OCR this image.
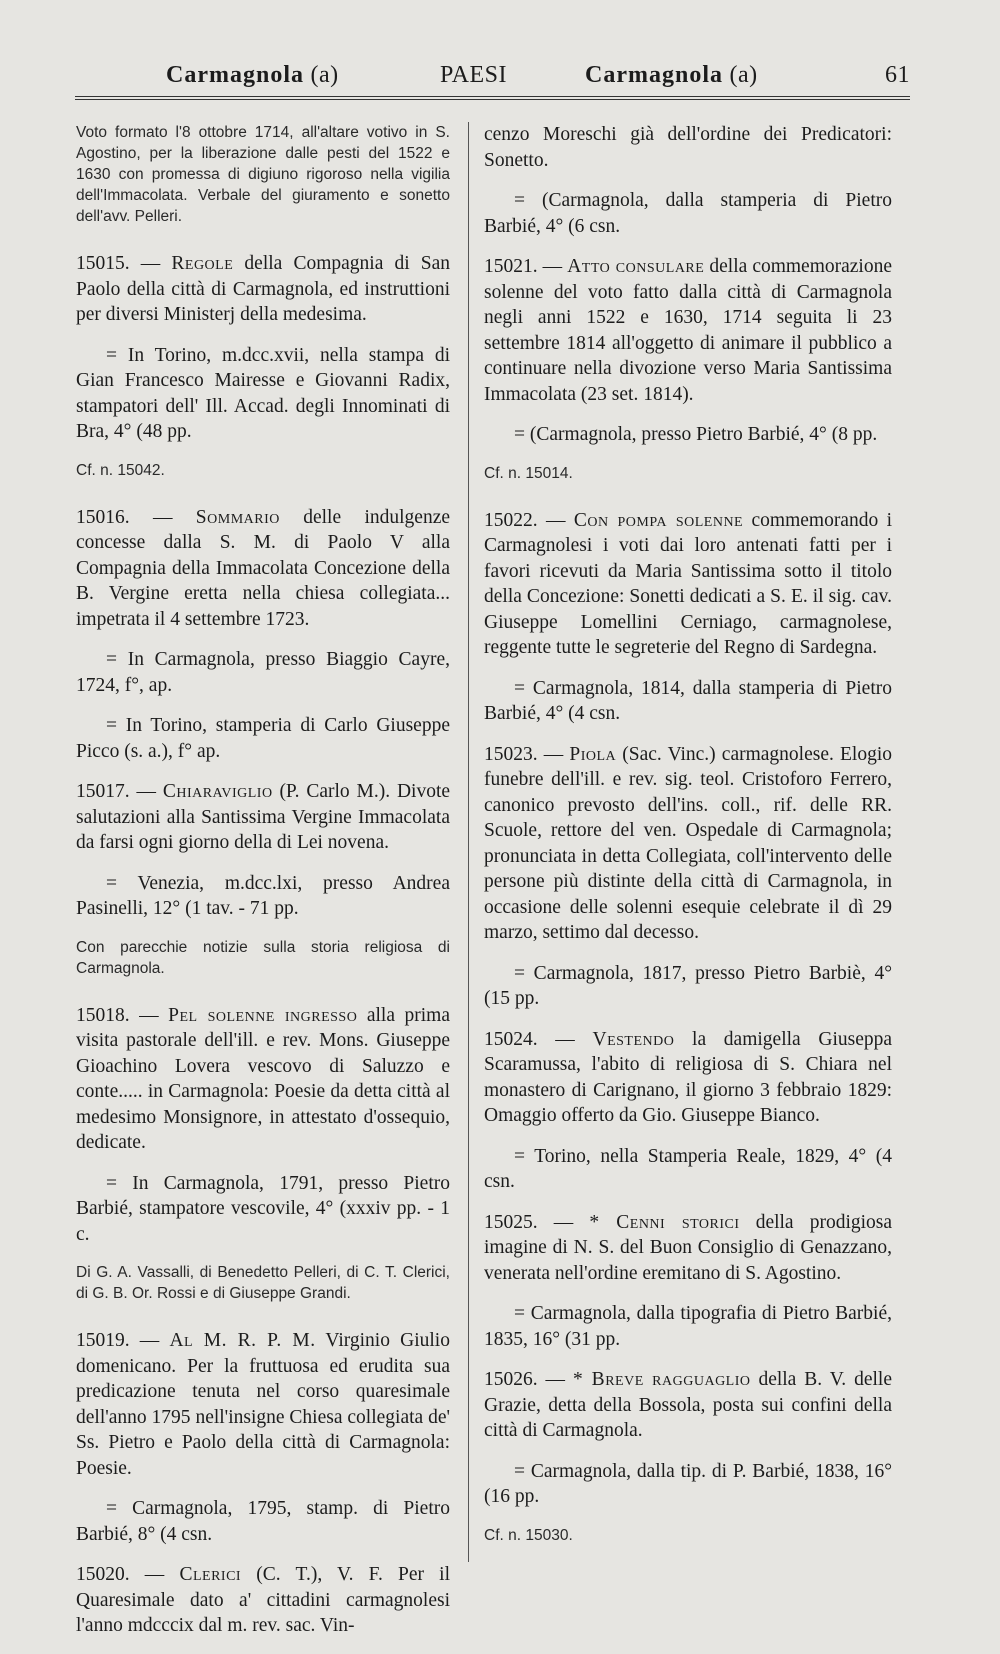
Carmagnola (a)	PAESI	Carmagnola (a)	61

Voto formato l'8 ottobre 1714, all'altare votivo in S. Agostino, per la liberazione dalle pesti del 1522 e 1630 con promessa di digiuno rigoroso nella vigilia dell'Immacolata. Verbale del giuramento e sonetto dell'avv. Pelleri.

15015. — Regole della Compagnia di San Paolo della città di Carmagnola, ed instruttioni per diversi Ministerj della medesima.

= In Torino, m.dcc.xvii, nella stampa di Gian Francesco Mairesse e Giovanni Radix, stampatori dell' Ill. Accad. degli Innominati di Bra, 4° (48 pp.

Cf. n. 15042.

15016. — Sommario delle indulgenze concesse dalla S. M. di Paolo V alla Compagnia della Immacolata Concezione della B. Vergine eretta nella chiesa collegiata... impetrata il 4 settembre 1723.

= In Carmagnola, presso Biaggio Cayre, 1724, f°, ap.

= In Torino, stamperia di Carlo Giuseppe Picco (s. a.), f° ap.

15017. — Chiaraviglio (P. Carlo M.). Divote salutazioni alla Santissima Vergine Immacolata da farsi ogni giorno della di Lei novena.

= Venezia, m.dcc.lxi, presso Andrea Pasinelli, 12° (1 tav. - 71 pp.

Con parecchie notizie sulla storia religiosa di Carmagnola.

15018. — Pel solenne ingresso alla prima visita pastorale dell'ill. e rev. Mons. Giuseppe Gioachino Lovera vescovo di Saluzzo e conte..... in Carmagnola: Poesie da detta città al medesimo Monsignore, in attestato d'ossequio, dedicate.

= In Carmagnola, 1791, presso Pietro Barbié, stampatore vescovile, 4° (xxxiv pp. - 1 c.

Di G. A. Vassalli, di Benedetto Pelleri, di C. T. Clerici, di G. B. Or. Rossi e di Giuseppe Grandi.

15019. — Al M. R. P. M. Virginio Giulio domenicano. Per la fruttuosa ed erudita sua predicazione tenuta nel corso quaresimale dell'anno 1795 nell'insigne Chiesa collegiata de' Ss. Pietro e Paolo della città di Carmagnola: Poesie.

= Carmagnola, 1795, stamp. di Pietro Barbié, 8° (4 csn.

15020. — Clerici (C. T.), V. F. Per il Quaresimale dato a' cittadini carmagnolesi l'anno mdcccix dal m. rev. sac. Vin-

cenzo Moreschi già dell'ordine dei Predicatori: Sonetto.

= (Carmagnola, dalla stamperia di Pietro Barbié, 4° (6 csn.

15021. — Atto consulare della commemorazione solenne del voto fatto dalla città di Carmagnola negli anni 1522 e 1630, 1714 seguita li 23 settembre 1814 all'oggetto di animare il pubblico a continuare nella divozione verso Maria Santissima Immacolata (23 set. 1814).

= (Carmagnola, presso Pietro Barbié, 4° (8 pp.

Cf. n. 15014.

15022. — Con pompa solenne commemorando i Carmagnolesi i voti dai loro antenati fatti per i favori ricevuti da Maria Santissima sotto il titolo della Concezione: Sonetti dedicati a S. E. il sig. cav. Giuseppe Lomellini Cerniago, carmagnolese, reggente tutte le segreterie del Regno di Sardegna.

= Carmagnola, 1814, dalla stamperia di Pietro Barbié, 4° (4 csn.

15023. — Piola (Sac. Vinc.) carmagnolese. Elogio funebre dell'ill. e rev. sig. teol. Cristoforo Ferrero, canonico prevosto dell'ins. coll., rif. delle RR. Scuole, rettore del ven. Ospedale di Carmagnola; pronunciata in detta Collegiata, coll'intervento delle persone più distinte della città di Carmagnola, in occasione delle solenni esequie celebrate il dì 29 marzo, settimo dal decesso.

= Carmagnola, 1817, presso Pietro Barbiè, 4° (15 pp.

15024. — Vestendo la damigella Giuseppa Scaramussa, l'abito di religiosa di S. Chiara nel monastero di Carignano, il giorno 3 febbraio 1829: Omaggio offerto da Gio. Giuseppe Bianco.

= Torino, nella Stamperia Reale, 1829, 4° (4 csn.

15025. — * Cenni storici della prodigiosa imagine di N. S. del Buon Consiglio di Genazzano, venerata nell'ordine eremitano di S. Agostino.

= Carmagnola, dalla tipografia di Pietro Barbié, 1835, 16° (31 pp.

15026. — * Breve ragguaglio della B. V. delle Grazie, detta della Bossola, posta sui confini della città di Carmagnola.

= Carmagnola, dalla tip. di P. Barbié, 1838, 16° (16 pp.

Cf. n. 15030.
